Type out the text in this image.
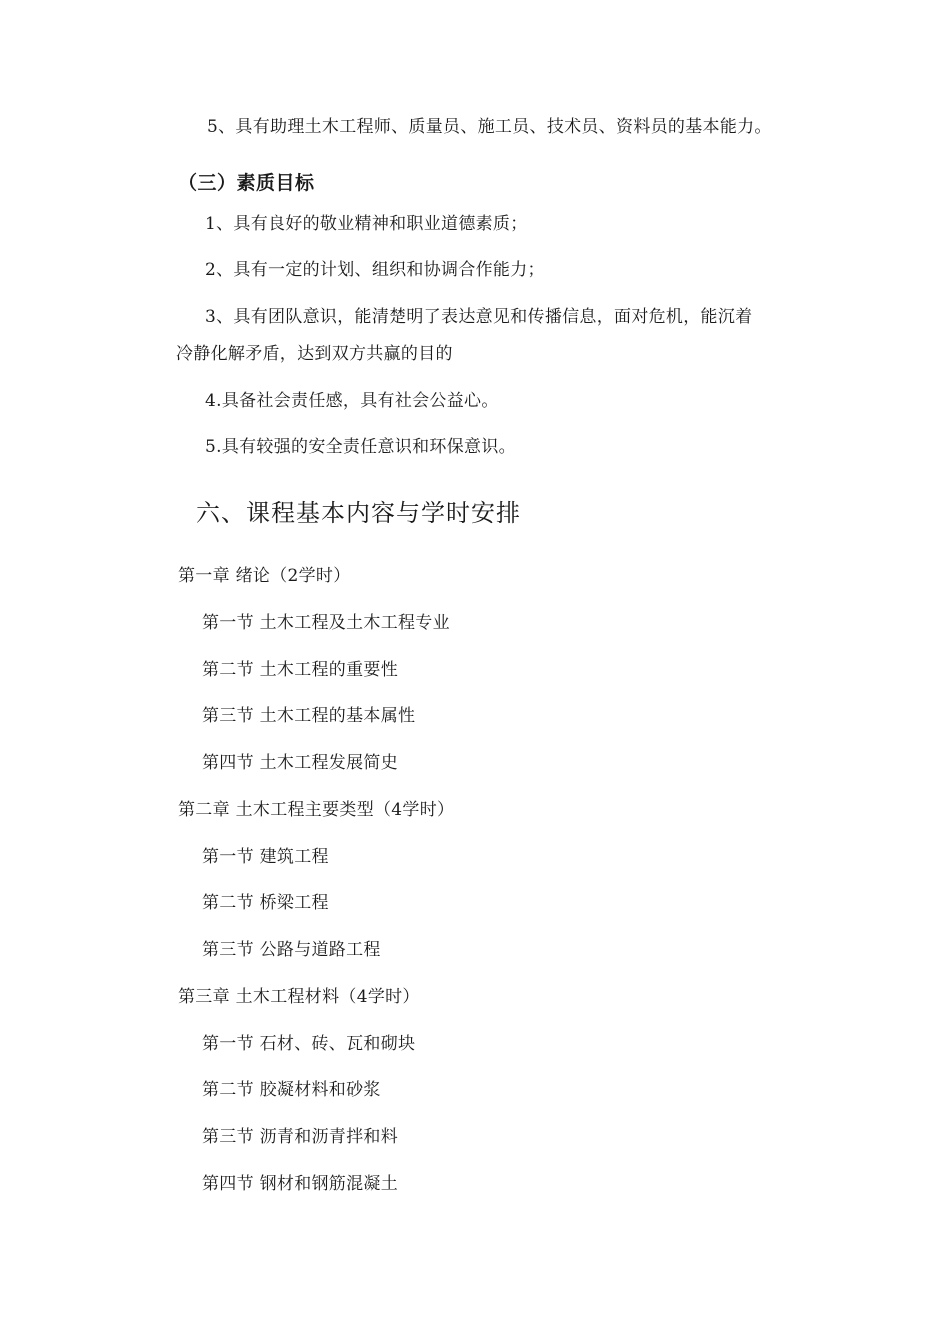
5、具有助理土木工程师、质量员、施工员、技术员、资料员的基本能力。
（三）素质目标
1、具有良好的敬业精神和职业道德素质；
2、具有一定的计划、组织和协调合作能力；
3、具有团队意识，能清楚明了表达意见和传播信息，面对危机，能沉着
冷静化解矛盾，达到双方共赢的目的
4.具备社会责任感，具有社会公益心。
5.具有较强的安全责任意识和环保意识。
六、课程基本内容与学时安排
第一章 绪论（2学时）
第一节 土木工程及土木工程专业
第二节 土木工程的重要性
第三节 土木工程的基本属性
第四节 土木工程发展简史
第二章 土木工程主要类型（4学时）
第一节 建筑工程
第二节 桥梁工程
第三节 公路与道路工程
第三章 土木工程材料（4学时）
第一节 石材、砖、瓦和砌块
第二节 胶凝材料和砂浆
第三节 沥青和沥青拌和料
第四节 钢材和钢筋混凝土
